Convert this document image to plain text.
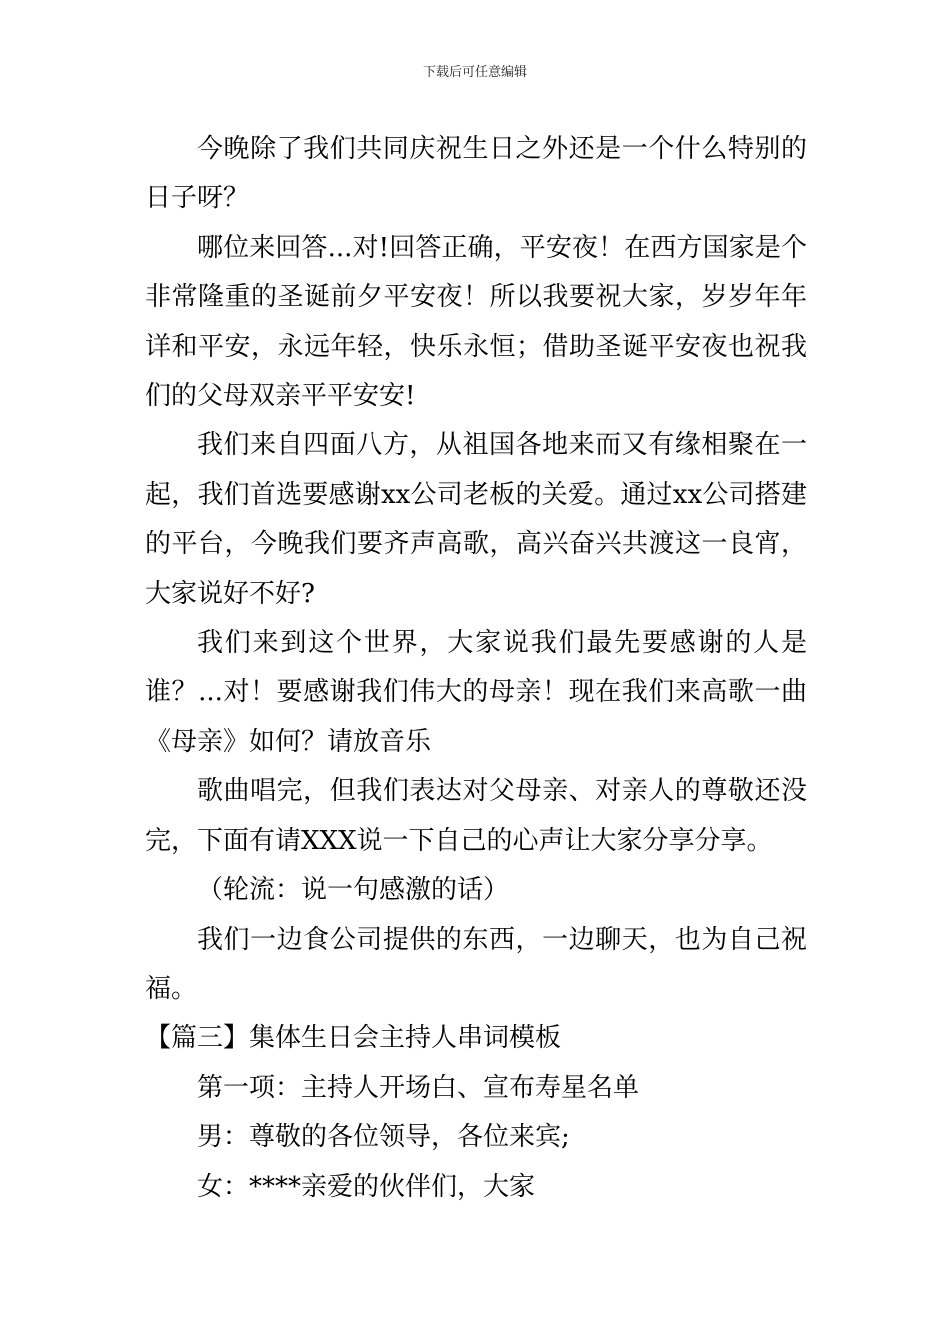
下载后可任意编辑

今晚除了我们共同庆祝生日之外还是一个什么特别的日子呀？

哪位来回答...对!回答正确，平安夜！在西方国家是个非常隆重的圣诞前夕平安夜！所以我要祝大家，岁岁年年详和平安，永远年轻，快乐永恒；借助圣诞平安夜也祝我们的父母双亲平平安安!

我们来自四面八方，从祖国各地来而又有缘相聚在一起，我们首选要感谢xx公司老板的关爱。通过xx公司搭建的平台，今晚我们要齐声高歌，高兴奋兴共渡这一良宵，大家说好不好?

我们来到这个世界，大家说我们最先要感谢的人是谁？...对！要感谢我们伟大的母亲！现在我们来高歌一曲《母亲》如何？请放音乐

歌曲唱完，但我们表达对父母亲、对亲人的尊敬还没完，下面有请XXX说一下自己的心声让大家分享分享。

（轮流：说一句感激的话）

我们一边食公司提供的东西，一边聊天，也为自己祝福。

【篇三】集体生日会主持人串词模板

第一项：主持人开场白、宣布寿星名单

男：尊敬的各位领导，各位来宾;

女：****亲爱的伙伴们，大家
